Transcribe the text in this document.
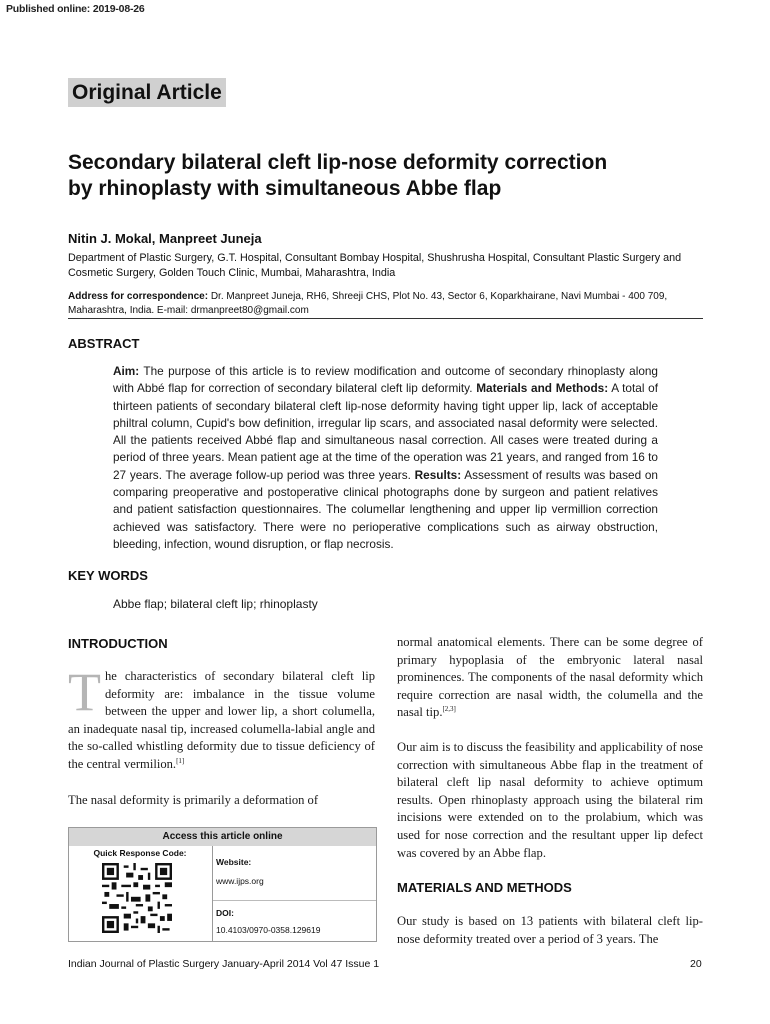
Published online: 2019-08-26
Original Article
Secondary bilateral cleft lip-nose deformity correction
by rhinoplasty with simultaneous Abbe flap
Nitin J. Mokal, Manpreet Juneja
Department of Plastic Surgery, G.T. Hospital, Consultant Bombay Hospital, Shushrusha Hospital, Consultant Plastic Surgery and Cosmetic Surgery, Golden Touch Clinic, Mumbai, Maharashtra, India
Address for correspondence: Dr. Manpreet Juneja, RH6, Shreeji CHS, Plot No. 43, Sector 6, Koparkhairane, Navi Mumbai - 400 709, Maharashtra, India. E-mail: drmanpreet80@gmail.com
ABSTRACT
Aim: The purpose of this article is to review modification and outcome of secondary rhinoplasty along with Abbé flap for correction of secondary bilateral cleft lip deformity. Materials and Methods: A total of thirteen patients of secondary bilateral cleft lip-nose deformity having tight upper lip, lack of acceptable philtral column, Cupid's bow definition, irregular lip scars, and associated nasal deformity were selected. All the patients received Abbé flap and simultaneous nasal correction. All cases were treated during a period of three years. Mean patient age at the time of the operation was 21 years, and ranged from 16 to 27 years. The average follow-up period was three years. Results: Assessment of results was based on comparing preoperative and postoperative clinical photographs done by surgeon and patient relatives and patient satisfaction questionnaires. The columellar lengthening and upper lip vermillion correction achieved was satisfactory. There were no perioperative complications such as airway obstruction, bleeding, infection, wound disruption, or flap necrosis.
KEY WORDS
Abbe flap; bilateral cleft lip; rhinoplasty
INTRODUCTION
The characteristics of secondary bilateral cleft lip deformity are: imbalance in the tissue volume between the upper and lower lip, a short columella, an inadequate nasal tip, increased columella-labial angle and the so-called whistling deformity due to tissue deficiency of the central vermilion.[1]
The nasal deformity is primarily a deformation of
Access this article online
Quick Response Code:
Website:
www.ijps.org
DOI:
10.4103/0970-0358.129619
normal anatomical elements. There can be some degree of primary hypoplasia of the embryonic lateral nasal prominences. The components of the nasal deformity which require correction are nasal width, the columella and the nasal tip.[2,3]
Our aim is to discuss the feasibility and applicability of nose correction with simultaneous Abbe flap in the treatment of bilateral cleft lip nasal deformity to achieve optimum results. Open rhinoplasty approach using the bilateral rim incisions were extended on to the prolabium, which was used for nose correction and the resultant upper lip defect was covered by an Abbe flap.
MATERIALS AND METHODS
Our study is based on 13 patients with bilateral cleft lip-nose deformity treated over a period of 3 years. The
Indian Journal of Plastic Surgery January-April 2014 Vol 47 Issue 1	20
